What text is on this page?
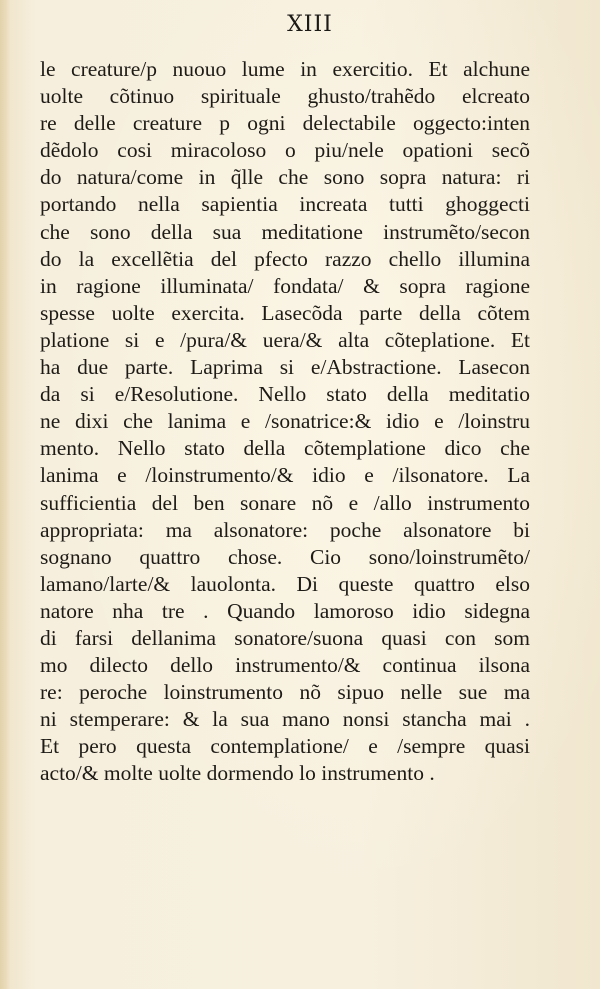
XIII
le creature/p nuouo lume in exercitio. Et alchune
uolte cõtinuo spirituale ghusto/trahẽdo elcreato
re delle creature p ogni delectabile oggecto:inten
dẽdolo cosi miracoloso o piu/nele opationi secõ
do natura/come in q̃lle che sono sopra natura: ri
portando nella sapientia increata tutti ghoggecti
che sono della sua meditatione instrumẽto/secon
do la excellẽtia del pfecto razzo chello illumina
in ragione illuminata/ fondata/ & sopra ragione
spesse uolte exercita. Lasecõda parte della cõtem
platione si e /pura/& uera/& alta cõteplatione. Et
ha due parte. Laprima si e/Abstractione. Lasecon
da si e/Resolutione. Nello stato della meditatio
ne dixi che lanima e /sonatrice:& idio e /loinstru
mento. Nello stato della cõtemplatione dico che
lanima e /loinstrumento/& idio e /ilsonatore. La
sufficientia del ben sonare nõ e /allo instrumento
appropriata: ma alsonatore: poche alsonatore bi
sognano quattro chose. Cio sono/loinstrumẽto/
lamano/larte/& lauolonta. Di queste quattro elso
natore nha tre . Quando lamoroso idio sidegna
di farsi dellanima sonatore/suona quasi con som
mo dilecto dello instrumento/& continua ilsona
re: peroche loinstrumento nõ sipuo nelle sue ma
ni stemperare: & la sua mano nonsi stancha mai .
Et pero questa contemplatione/ e /sempre quasi
acto/& molte uolte dormendo lo instrumento .
